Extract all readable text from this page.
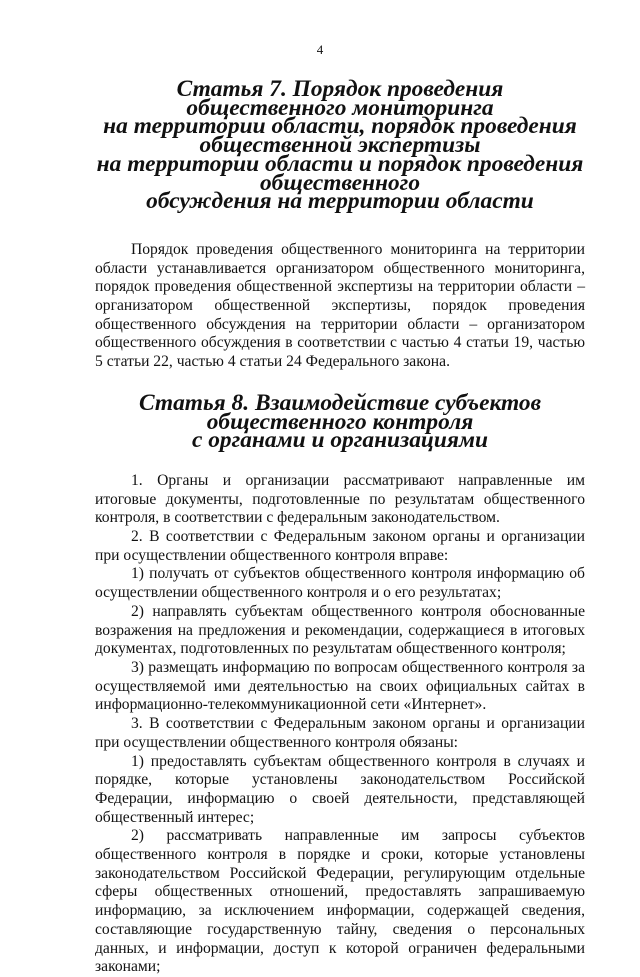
4
Статья 7. Порядок проведения общественного мониторинга
на территории области, порядок проведения общественной экспертизы
на территории области и порядок проведения общественного
обсуждения на территории области

Порядок проведения общественного мониторинга на территории области устанавливается организатором общественного мониторинга, порядок проведения общественной экспертизы на территории области – организатором общественной экспертизы, порядок проведения общественного обсуждения на территории области – организатором общественного обсуждения в соответствии с частью 4 статьи 19, частью 5 статьи 22, частью 4 статьи 24 Федерального закона.

Статья 8. Взаимодействие субъектов общественного контроля
с органами и организациями

1. Органы и организации рассматривают направленные им итоговые документы, подготовленные по результатам общественного контроля, в соответствии с федеральным законодательством.

2. В соответствии с Федеральным законом органы и организации при осуществлении общественного контроля вправе:

1) получать от субъектов общественного контроля информацию об осуществлении общественного контроля и о его результатах;

2) направлять субъектам общественного контроля обоснованные возражения на предложения и рекомендации, содержащиеся в итоговых документах, подготовленных по результатам общественного контроля;

3) размещать информацию по вопросам общественного контроля за осуществляемой ими деятельностью на своих официальных сайтах в информационно-телекоммуникационной сети «Интернет».

3. В соответствии с Федеральным законом органы и организации при осуществлении общественного контроля обязаны:

1) предоставлять субъектам общественного контроля в случаях и порядке, которые установлены законодательством Российской Федерации, информацию о своей деятельности, представляющей общественный интерес;

2) рассматривать направленные им запросы субъектов общественного контроля в порядке и сроки, которые установлены законодательством Российской Федерации, регулирующим отдельные сферы общественных отношений, предоставлять запрашиваемую информацию, за исключением информации, содержащей сведения, составляющие государственную тайну, сведения о персональных данных, и информации, доступ к которой ограничен федеральными законами;
